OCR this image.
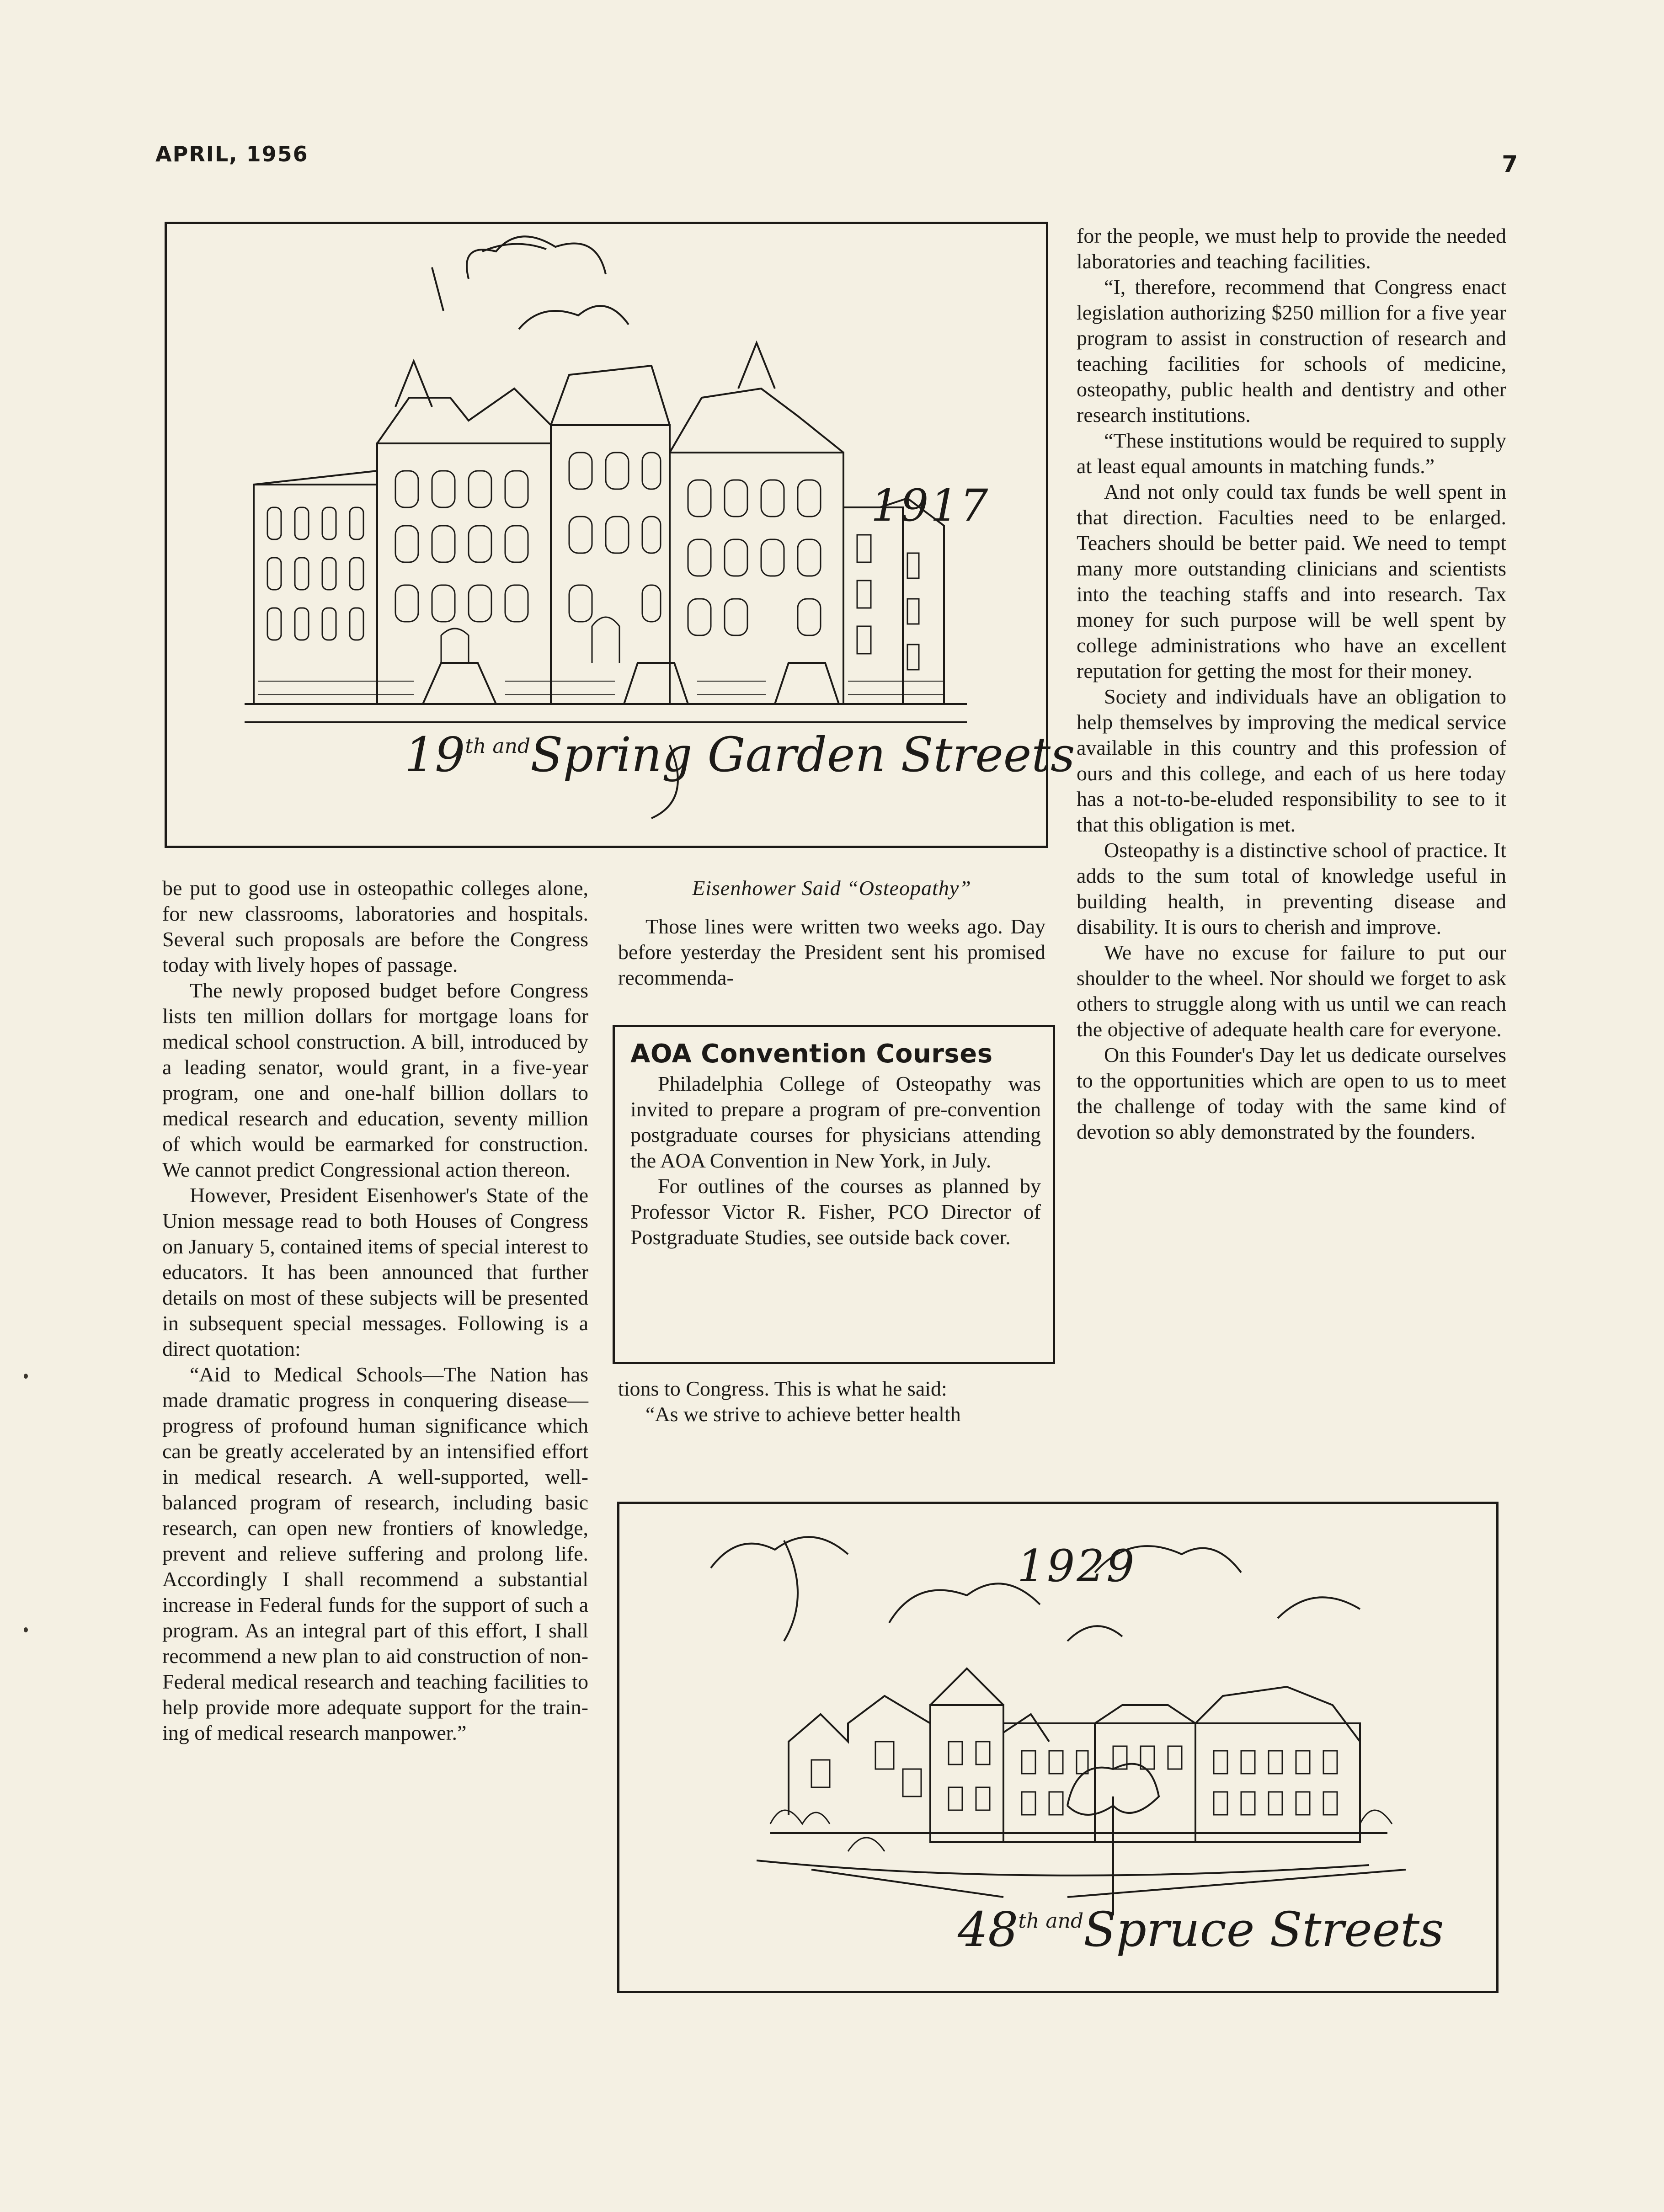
APRIL, 1956	7
1917
$19^{th and}Spring$ Garden Streets

be put to good use in osteopathic colleges alone, for new classrooms, laboratories and hospitals. Several such proposals are before the Congress today with lively hopes of passage.

The newly proposed budget before Congress lists ten million dollars for mortgage loans for medical school construction. A bill, introduced by a leading senator, would grant, in a five-year program, one and one-half billion dollars to medical research and education, seventy million of which would be earmarked for construction. We cannot predict Congressional action thereon.

However, President Eisenhower's State of the Union message read to both Houses of Congress on January 5, contained items of special interest to educators. It has been announced that further details on most of these subjects will be presented in subsequent special messages. Following is a direct quotation:

“Aid to Medical Schools—The Nation has made dramatic progress in conquering disease—progress of profound human significance which can be greatly accelerated by an intensified effort in medical research. A well-supported, well-balanced program of research, including basic research, can open new frontiers of knowledge, prevent and relieve suffering and prolong life. Accordingly I shall recommend a substantial increase in Federal funds for the support of such a program. As an integral part of this effort, I shall recommend a new plan to aid construction of non-Federal medical research and teaching facilities to help provide more adequate support for the training of medical research manpower.”

Eisenhower Said “Osteopathy”

Those lines were written two weeks ago. Day before yesterday the President sent his promised recommenda-

AOA Convention Courses

Philadelphia College of Osteopathy was invited to prepare a program of pre-convention postgraduate courses for physicians attending the AOA Convention in New York, in July.

For outlines of the courses as planned by Professor Victor R. Fisher, PCO Director of Postgraduate Studies, see outside back cover.

tions to Congress. This is what he said:

“As we strive to achieve better health

for the people, we must help to provide the needed laboratories and teaching facilities.

“I, therefore, recommend that Congress enact legislation authorizing $250 million for a five year program to assist in construction of research and teaching facilities for schools of medicine, osteopathy, public health and dentistry and other research institutions.

“These institutions would be required to supply at least equal amounts in matching funds.”

And not only could tax funds be well spent in that direction. Faculties need to be enlarged. Teachers should be better paid. We need to tempt many more outstanding clinicians and scientists into the teaching staffs and into research. Tax money for such purpose will be well spent by college administrations who have an excellent reputation for getting the most for their money.

Society and individuals have an obligation to help themselves by improving the medical service available in this country and this profession of ours and this college, and each of us here today has a not-to-be-eluded responsibility to see to it that this obligation is met.

Osteopathy is a distinctive school of practice. It adds to the sum total of knowledge useful in building health, in preventing disease and disability. It is ours to cherish and improve.

We have no excuse for failure to put our shoulder to the wheel. Nor should we forget to ask others to struggle along with us until we can reach the objective of adequate health care for everyone.

On this Founder's Day let us dedicate ourselves to the opportunities which are open to us to meet the challenge of today with the same kind of devotion so ably demonstrated by the founders.

1929
$48^{th and}Spruce$ Streets
